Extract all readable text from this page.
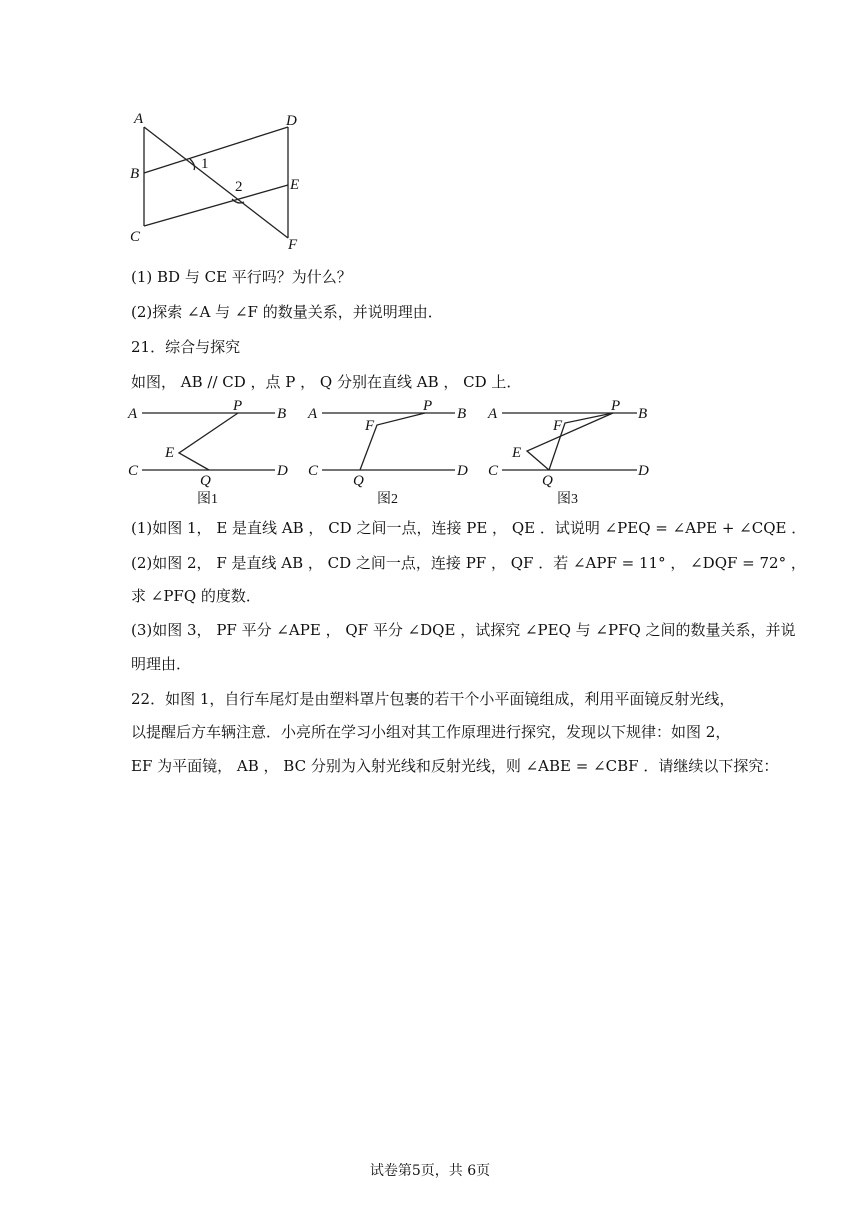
A
B
C
D
E
F
1
2
(1) BD 与 CE 平行吗？为什么？
(2)探索 ∠A 与 ∠F 的数量关系，并说明理由．
21．综合与探究
如图， AB // CD ，点 P ， Q 分别在直线 AB ， CD 上．
A	B
C	D
P
E
Q
图1
A	B
C	D
P
F
Q
图2
A	B
C	D
P
F
E
Q
图3
(1)如图 1， E 是直线 AB ， CD 之间一点，连接 PE ， QE ．试说明 ∠PEQ = ∠APE + ∠CQE ．
(2)如图 2， F 是直线 AB ， CD 之间一点，连接 PF ， QF ．若 ∠APF = 11° ， ∠DQF = 72° ，
求 ∠PFQ 的度数．
(3)如图 3， PF 平分 ∠APE ， QF 平分 ∠DQE ，试探究 ∠PEQ 与 ∠PFQ 之间的数量关系，并说
明理由．
22．如图 1，自行车尾灯是由塑料罩片包裹的若干个小平面镜组成，利用平面镜反射光线，
以提醒后方车辆注意．小亮所在学习小组对其工作原理进行探究，发现以下规律：如图 2，
EF 为平面镜， AB ， BC 分别为入射光线和反射光线，则 ∠ABE = ∠CBF ．请继续以下探究：
试卷第5页，共 6页
